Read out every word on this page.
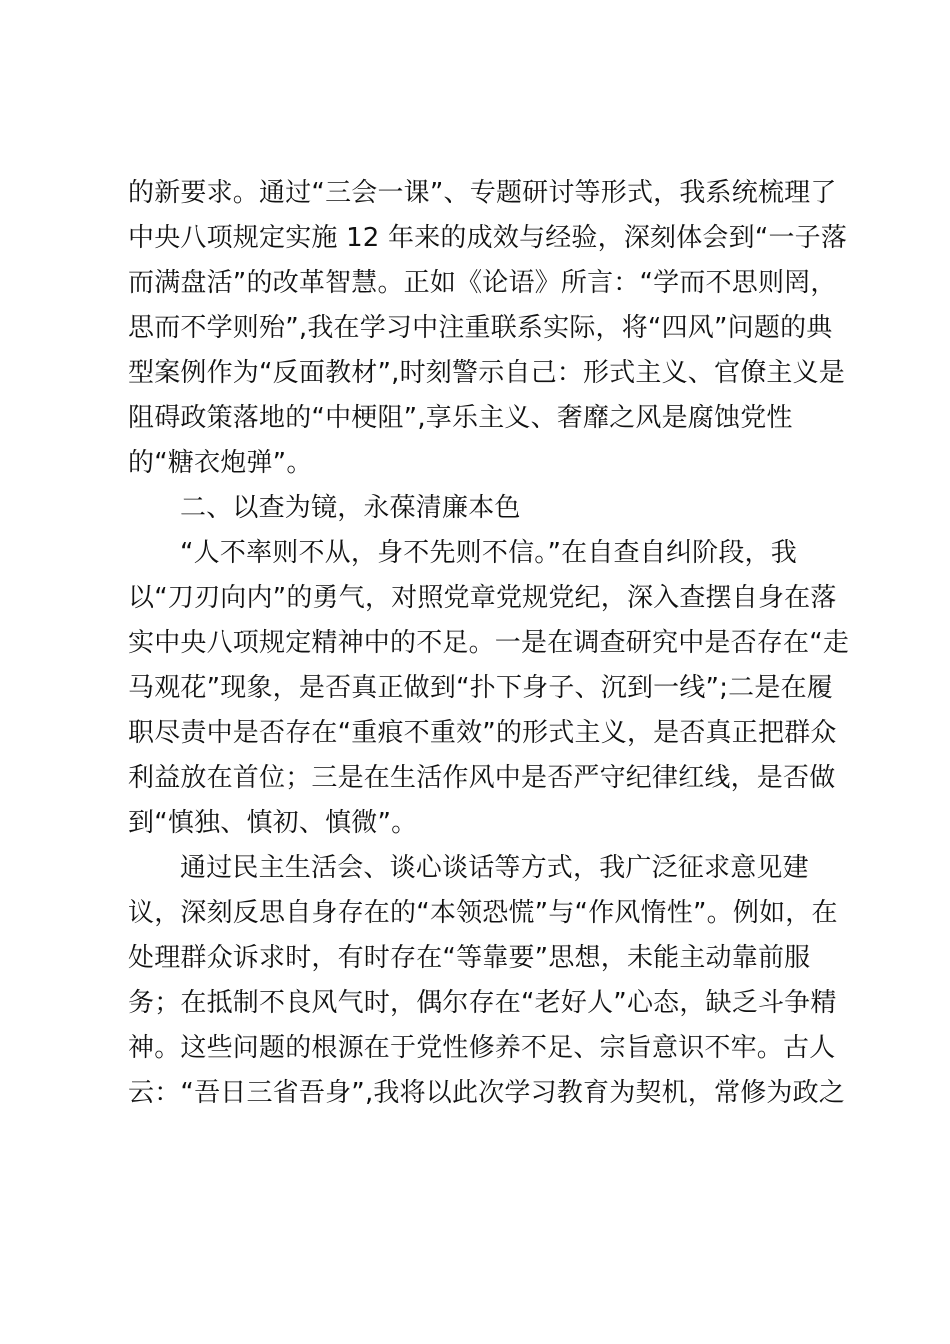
的新要求。通过“三会一课”、专题研讨等形式，我系统梳理了
中央八项规定实施 12 年来的成效与经验，深刻体会到“一子落
而满盘活”的改革智慧。正如《论语》所言：“学而不思则罔，
思而不学则殆”,我在学习中注重联系实际，将“四风”问题的典
型案例作为“反面教材”,时刻警示自己：形式主义、官僚主义是
阻碍政策落地的“中梗阻”,享乐主义、奢靡之风是腐蚀党性
的“糖衣炮弹”。
二、以查为镜，永葆清廉本色
“人不率则不从，身不先则不信。”在自查自纠阶段，我
以“刀刃向内”的勇气，对照党章党规党纪，深入查摆自身在落
实中央八项规定精神中的不足。一是在调查研究中是否存在“走
马观花”现象，是否真正做到“扑下身子、沉到一线”;二是在履
职尽责中是否存在“重痕不重效”的形式主义，是否真正把群众
利益放在首位；三是在生活作风中是否严守纪律红线，是否做
到“慎独、慎初、慎微”。
通过民主生活会、谈心谈话等方式，我广泛征求意见建
议，深刻反思自身存在的“本领恐慌”与“作风惰性”。例如，在
处理群众诉求时，有时存在“等靠要”思想，未能主动靠前服
务；在抵制不良风气时，偶尔存在“老好人”心态，缺乏斗争精
神。这些问题的根源在于党性修养不足、宗旨意识不牢。古人
云：“吾日三省吾身”,我将以此次学习教育为契机，常修为政之
